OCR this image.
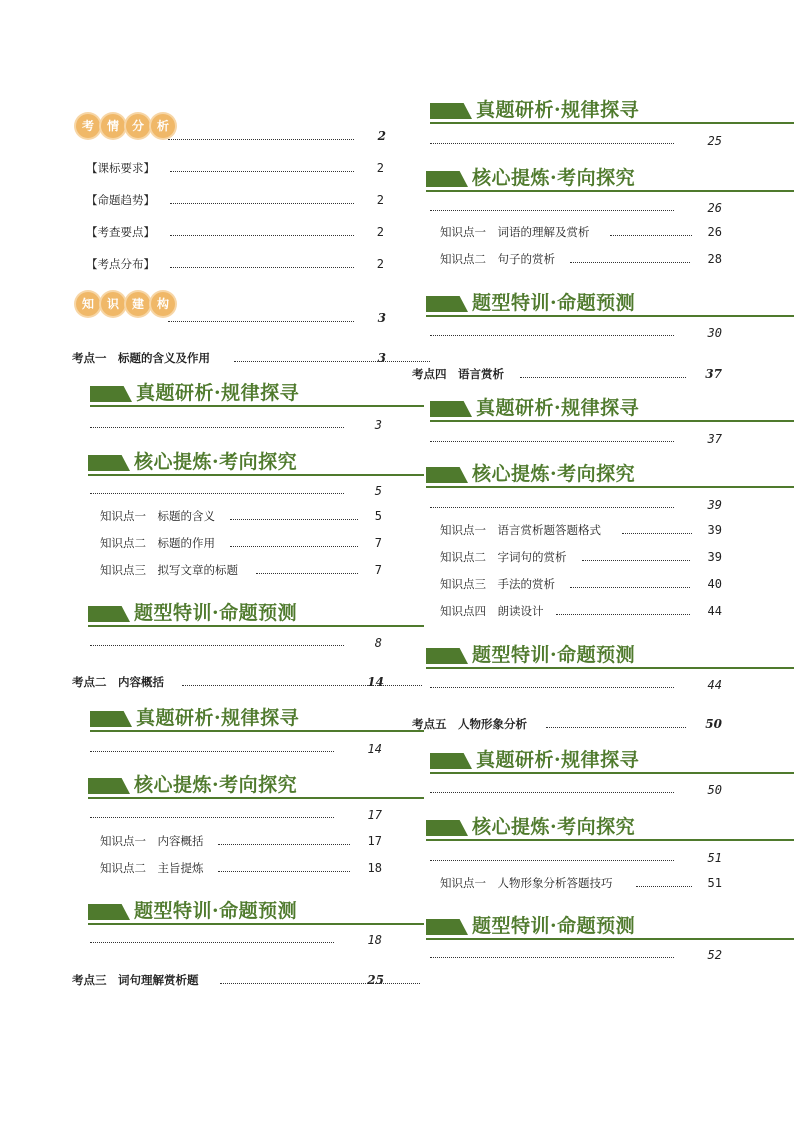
考	情	分	析
2
【课标要求】	2
【命题趋势】	2
【考查要点】	2
【考点分布】	2
知	识	建	构
3
考点一　标题的含义及作用	3
真题研析·规律探寻
3
核心提炼·考向探究
5
知识点一　标题的含义	5
知识点二　标题的作用	7
知识点三　拟写文章的标题	7
题型特训·命题预测
8
考点二　内容概括	14
真题研析·规律探寻
14
核心提炼·考向探究
17
知识点一　内容概括	17
知识点二　主旨提炼	18
题型特训·命题预测
18
考点三　词句理解赏析题	25
真题研析·规律探寻
25
核心提炼·考向探究
26
知识点一　词语的理解及赏析	26
知识点二　句子的赏析	28
题型特训·命题预测
30
考点四　语言赏析	37
真题研析·规律探寻
37
核心提炼·考向探究
39
知识点一　语言赏析题答题格式	39
知识点二　字词句的赏析	39
知识点三　手法的赏析	40
知识点四　朗读设计	44
题型特训·命题预测
44
考点五　人物形象分析	50
真题研析·规律探寻
50
核心提炼·考向探究
51
知识点一　人物形象分析答题技巧	51
题型特训·命题预测
52
